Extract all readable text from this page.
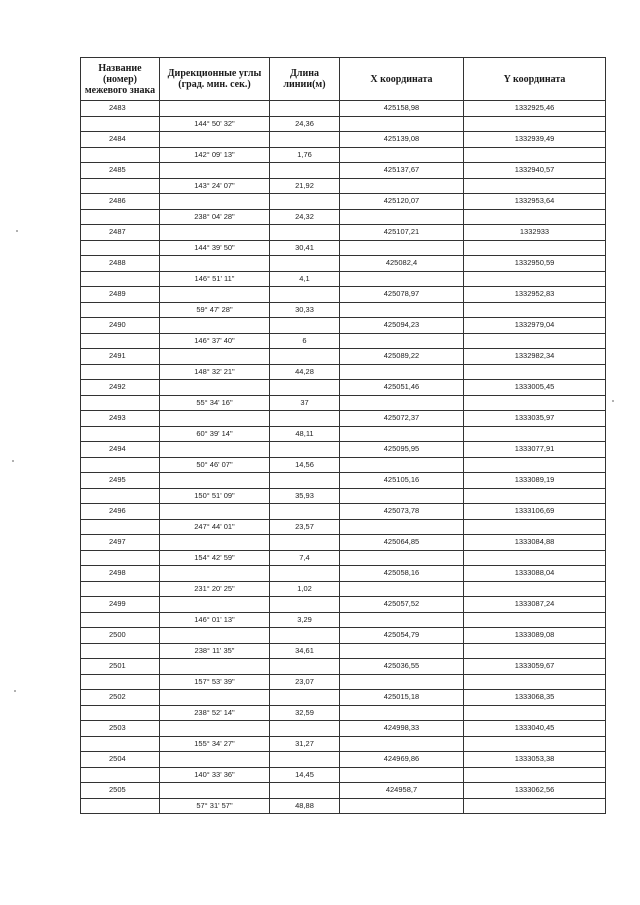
Название (номер) межевого знака	Дирекционные углы (град. мин. сек.)	Длина линии(м)	X координата	Y координата
2483			425158,98	1332925,46
	144° 50' 32"	24,36		
2484			425139,08	1332939,49
	142° 09' 13"	1,76		
2485			425137,67	1332940,57
	143° 24' 07"	21,92		
2486			425120,07	1332953,64
	238° 04' 28"	24,32		
2487			425107,21	1332933
	144° 39' 50"	30,41		
2488			425082,4	1332950,59
	146° 51' 11"	4,1		
2489			425078,97	1332952,83
	59° 47' 28"	30,33		
2490			425094,23	1332979,04
	146° 37' 40"	6		
2491			425089,22	1332982,34
	148° 32' 21"	44,28		
2492			425051,46	1333005,45
	55° 34' 16"	37		
2493			425072,37	1333035,97
	60° 39' 14"	48,11		
2494			425095,95	1333077,91
	50° 46' 07"	14,56		
2495			425105,16	1333089,19
	150° 51' 09"	35,93		
2496			425073,78	1333106,69
	247° 44' 01"	23,57		
2497			425064,85	1333084,88
	154° 42' 59"	7,4		
2498			425058,16	1333088,04
	231° 20' 25"	1,02		
2499			425057,52	1333087,24
	146° 01' 13"	3,29		
2500			425054,79	1333089,08
	238° 11' 35"	34,61		
2501			425036,55	1333059,67
	157° 53' 39"	23,07		
2502			425015,18	1333068,35
	238° 52' 14"	32,59		
2503			424998,33	1333040,45
	155° 34' 27"	31,27		
2504			424969,86	1333053,38
	140° 33' 36"	14,45		
2505			424958,7	1333062,56
	57° 31' 57"	48,88		
